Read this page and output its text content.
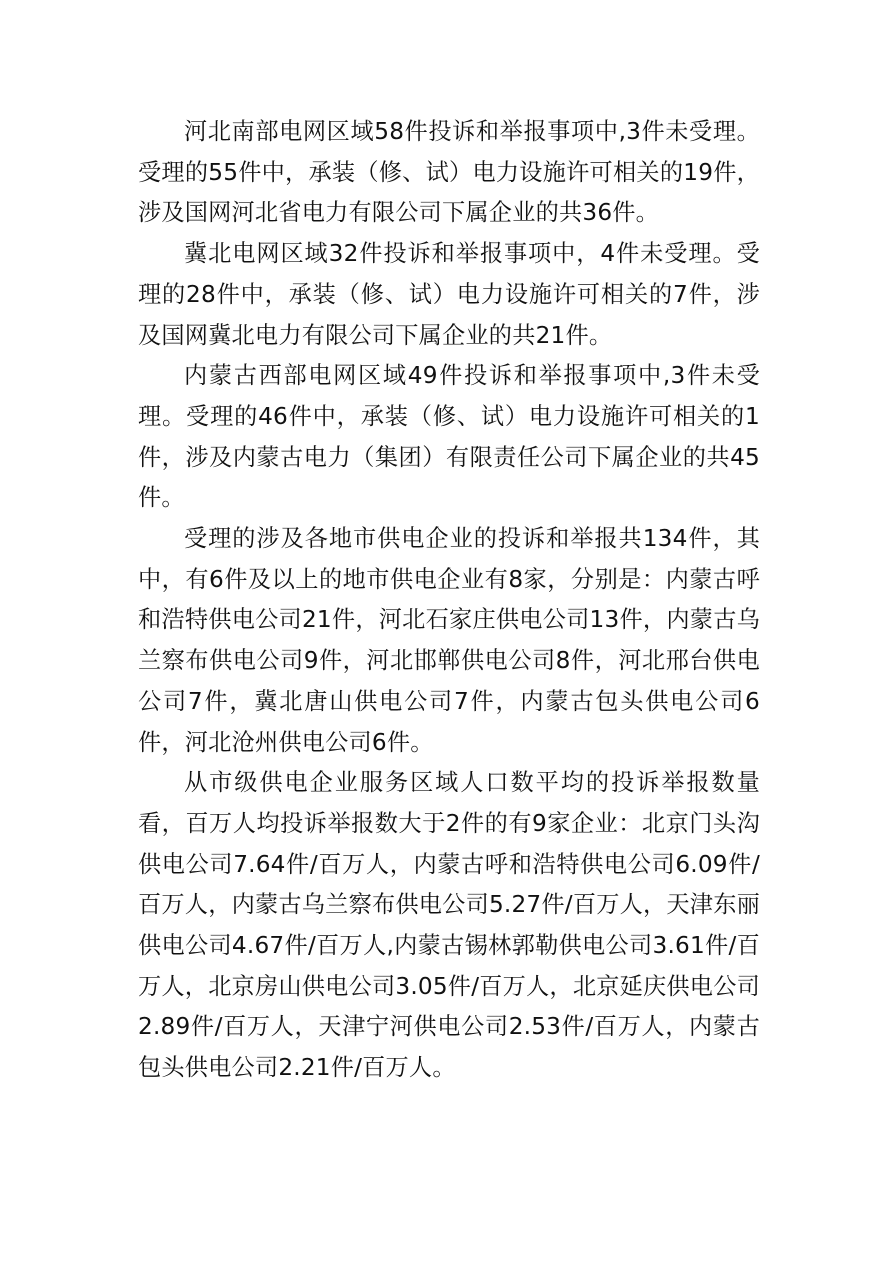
河北南部电网区域58件投诉和举报事项中,3件未受理。受理的55件中，承装（修、试）电力设施许可相关的19件，涉及国网河北省电力有限公司下属企业的共36件。

冀北电网区域32件投诉和举报事项中，4件未受理。受理的28件中，承装（修、试）电力设施许可相关的7件，涉及国网冀北电力有限公司下属企业的共21件。

内蒙古西部电网区域49件投诉和举报事项中,3件未受理。受理的46件中，承装（修、试）电力设施许可相关的1件，涉及内蒙古电力（集团）有限责任公司下属企业的共45件。

受理的涉及各地市供电企业的投诉和举报共134件，其中，有6件及以上的地市供电企业有8家，分别是：内蒙古呼和浩特供电公司21件，河北石家庄供电公司13件，内蒙古乌兰察布供电公司9件，河北邯郸供电公司8件，河北邢台供电公司7件，冀北唐山供电公司7件，内蒙古包头供电公司6件，河北沧州供电公司6件。

从市级供电企业服务区域人口数平均的投诉举报数量看，百万人均投诉举报数大于2件的有9家企业：北京门头沟供电公司7.64件/百万人，内蒙古呼和浩特供电公司6.09件/百万人，内蒙古乌兰察布供电公司5.27件/百万人，天津东丽供电公司4.67件/百万人,内蒙古锡林郭勒供电公司3.61件/百万人，北京房山供电公司3.05件/百万人，北京延庆供电公司2.89件/百万人，天津宁河供电公司2.53件/百万人，内蒙古包头供电公司2.21件/百万人。
